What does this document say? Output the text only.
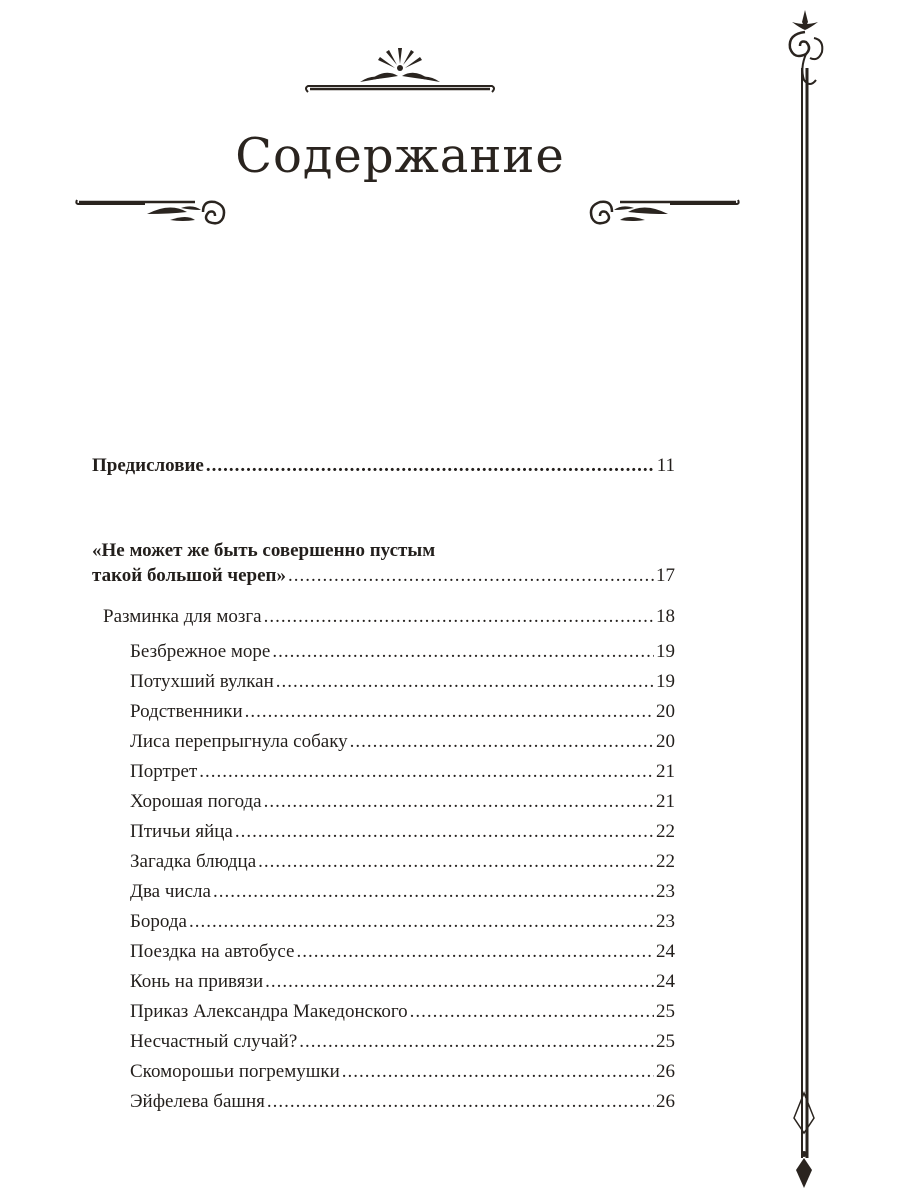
Содержание
Предисловие .....	11
«Не может же быть совершенно пустым
такой большой череп» .....	17
Разминка для мозга .....	18
Безбрежное море .....	19
Потухший вулкан .....	19
Родственники .....	20
Лиса перепрыгнула собаку .....	20
Портрет .....	21
Хорошая погода .....	21
Птичьи яйца .....	22
Загадка блюдца .....	22
Два числа .....	23
Борода .....	23
Поездка на автобусе .....	24
Конь на привязи .....	24
Приказ Александра Македонского .....	25
Несчастный случай? .....	25
Скоморошьи погремушки .....	26
Эйфелева башня .....	26
